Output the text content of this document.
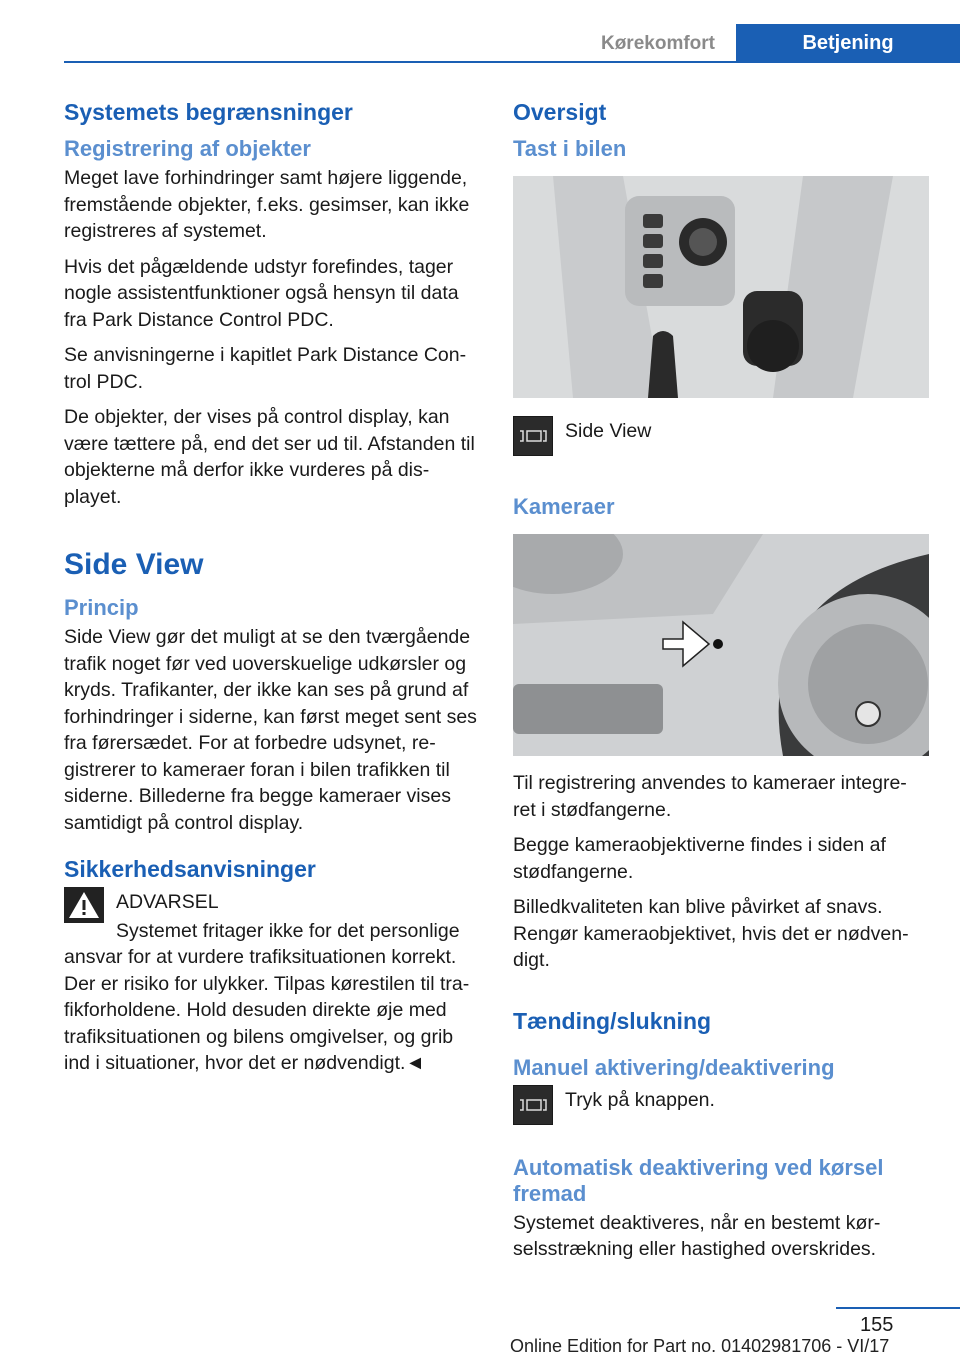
Kørekomfort	Betjening
Systemets begrænsninger
Registrering af objekter

Meget lave forhindringer samt højere liggende, fremstående objekter, f.eks. gesimser, kan ikke registreres af systemet.

Hvis det pågældende udstyr forefindes, tager nogle assistentfunktioner også hensyn til data fra Park Distance Control PDC.

Se anvisningerne i kapitlet Park Distance Con-trol PDC.

De objekter, der vises på control display, kan være tættere på, end det ser ud til. Afstanden til objekterne må derfor ikke vurderes på dis-playet.

Side View
Princip

Side View gør det muligt at se den tværgående trafik noget før ved uoverskuelige udkørsler og kryds. Trafikanter, der ikke kan ses på grund af forhindringer i siderne, kan først meget sent ses fra førersædet. For at forbedre udsynet, re-gistrerer to kameraer foran i bilen trafikken til siderne. Billederne fra begge kameraer vises samtidigt på control display.

Sikkerhedsanvisninger
ADVARSEL
Systemet fritager ikke for det personlige

ansvar for at vurdere trafiksituationen korrekt. Der er risiko for ulykker. Tilpas kørestilen til tra-fikforholdene. Hold desuden direkte øje med trafiksituationen og bilens omgivelser, og grib ind i situationer, hvor det er nødvendigt.◄

Oversigt
Tast i bilen
Side View
Kameraer

Til registrering anvendes to kameraer integre-ret i stødfangerne.

Begge kameraobjektiverne findes i siden af stødfangerne.

Billedkvaliteten kan blive påvirket af snavs. Rengør kameraobjektivet, hvis det er nødven-digt.

Tænding/slukning
Manuel aktivering/deaktivering
Tryk på knappen.
Automatisk deaktivering ved kørsel fremad

Systemet deaktiveres, når en bestemt kør-selsstrækning eller hastighed overskrides.

155
Online Edition for Part no. 01402981706 - VI/17
